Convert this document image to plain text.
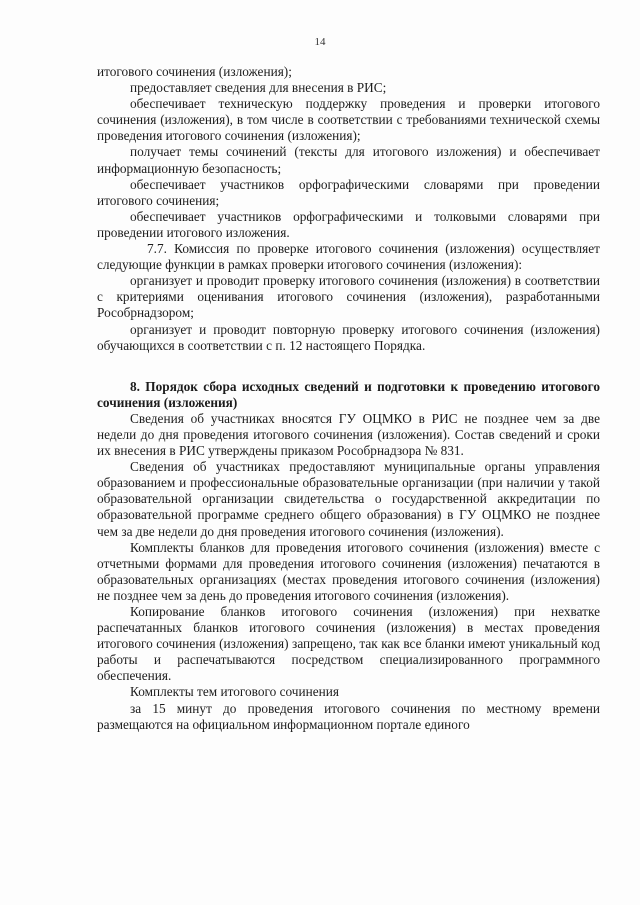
14

итогового сочинения (изложения);

предоставляет сведения для внесения в РИС;

обеспечивает техническую поддержку проведения и проверки итогового сочинения (изложения), в том числе в соответствии с требованиями технической схемы проведения итогового сочинения (изложения);

получает темы сочинений (тексты для итогового изложения) и обеспечивает информационную безопасность;

обеспечивает участников орфографическими словарями при проведении итогового сочинения;

обеспечивает участников орфографическими и толковыми словарями при проведении итогового изложения.

7.7. Комиссия по проверке итогового сочинения (изложения) осуществляет следующие функции в рамках проверки итогового сочинения (изложения):

организует и проводит проверку итогового сочинения (изложения) в соответствии с критериями оценивания итогового сочинения (изложения), разработанными Рособрнадзором;

организует и проводит повторную проверку итогового сочинения (изложения) обучающихся в соответствии с п. 12 настоящего Порядка.

8. Порядок сбора исходных сведений и подготовки к проведению итогового сочинения (изложения)

Сведения об участниках вносятся ГУ ОЦМКО в РИС не позднее чем за две недели до дня проведения итогового сочинения (изложения). Состав сведений и сроки их внесения в РИС утверждены приказом Рособрнадзора № 831.

Сведения об участниках предоставляют муниципальные органы управления образованием и профессиональные образовательные организации (при наличии у такой образовательной организации свидетельства о государственной аккредитации по образовательной программе среднего общего образования) в ГУ ОЦМКО не позднее чем за две недели до дня проведения итогового сочинения (изложения).

Комплекты бланков для проведения итогового сочинения (изложения) вместе с отчетными формами для проведения итогового сочинения (изложения) печатаются в образовательных организациях (местах проведения итогового сочинения (изложения) не позднее чем за день до проведения итогового сочинения (изложения).

Копирование бланков итогового сочинения (изложения) при нехватке распечатанных бланков итогового сочинения (изложения) в местах проведения итогового сочинения (изложения) запрещено, так как все бланки имеют уникальный код работы и распечатываются посредством специализированного программного обеспечения.

Комплекты тем итогового сочинения

за 15 минут до проведения итогового сочинения по местному времени размещаются на официальном информационном портале единого
